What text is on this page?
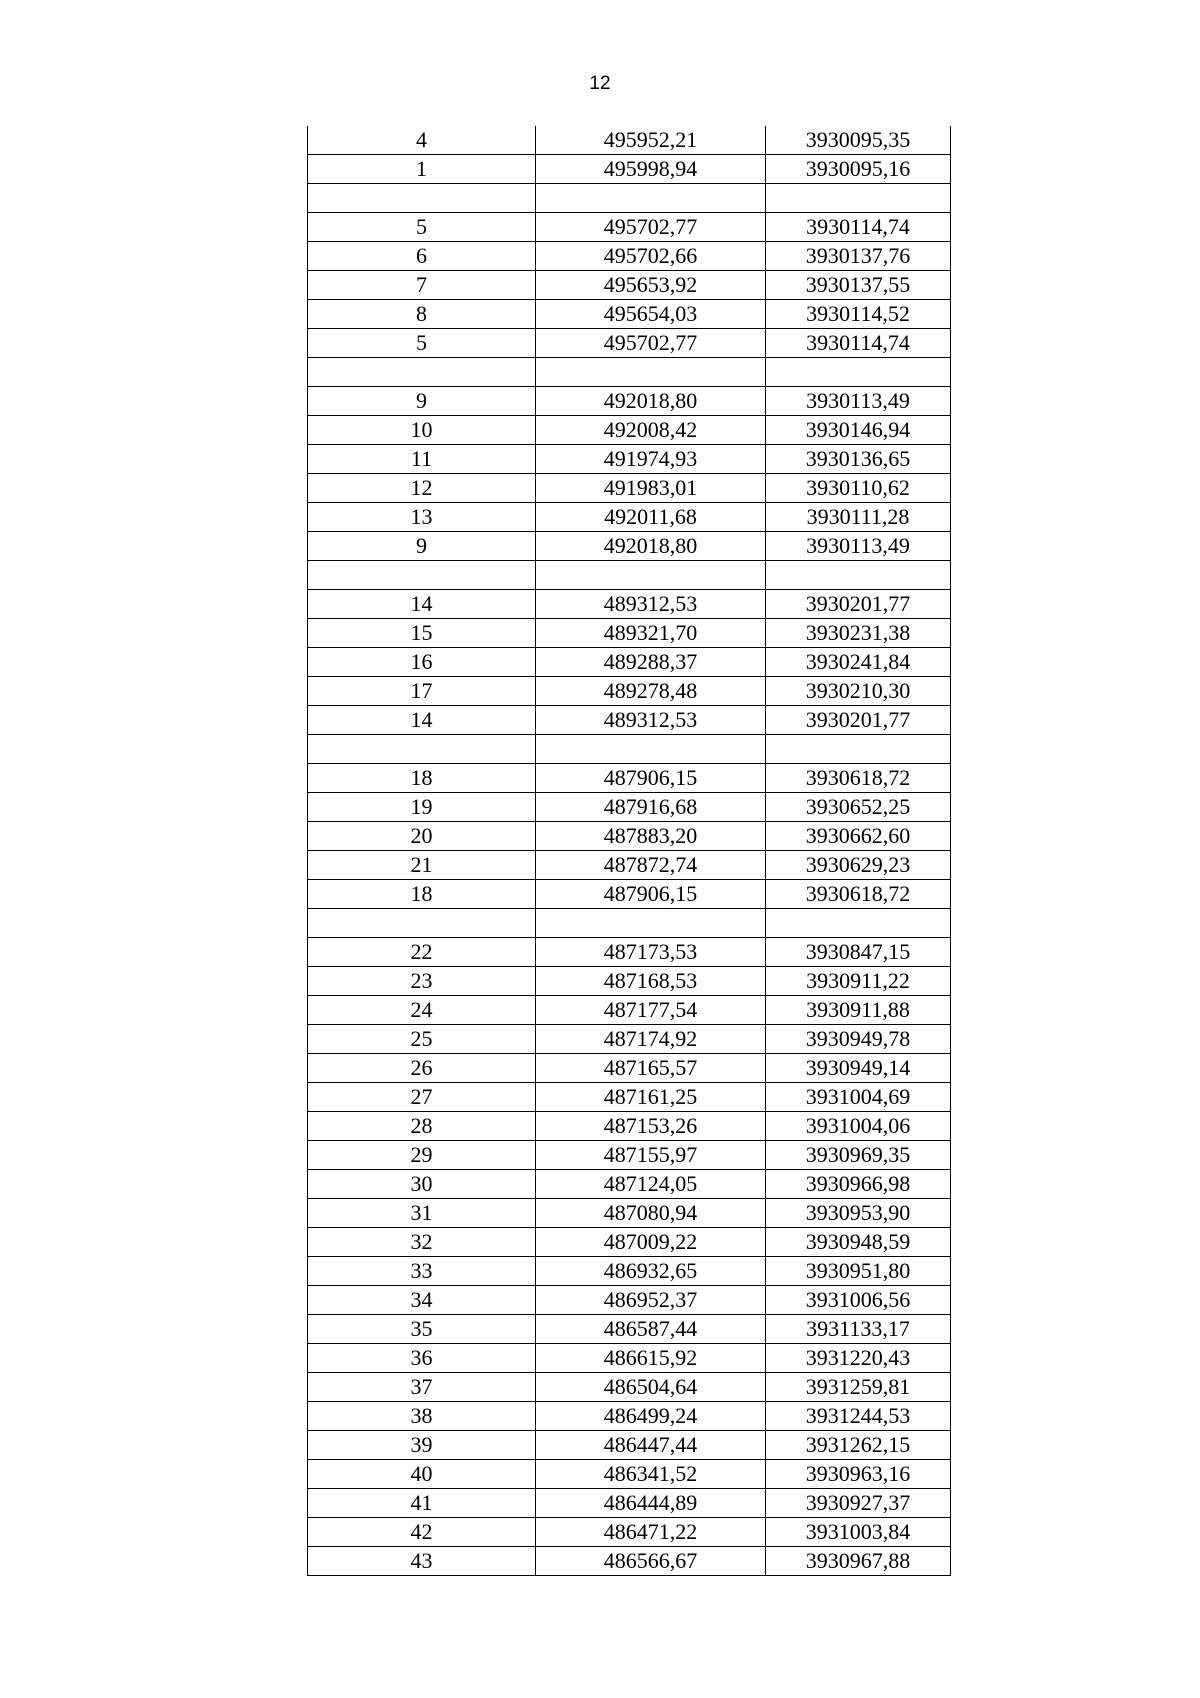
12
4	495952,21	3930095,35
1	495998,94	3930095,16

5	495702,77	3930114,74
6	495702,66	3930137,76
7	495653,92	3930137,55
8	495654,03	3930114,52
5	495702,77	3930114,74

9	492018,80	3930113,49
10	492008,42	3930146,94
11	491974,93	3930136,65
12	491983,01	3930110,62
13	492011,68	3930111,28
9	492018,80	3930113,49

14	489312,53	3930201,77
15	489321,70	3930231,38
16	489288,37	3930241,84
17	489278,48	3930210,30
14	489312,53	3930201,77

18	487906,15	3930618,72
19	487916,68	3930652,25
20	487883,20	3930662,60
21	487872,74	3930629,23
18	487906,15	3930618,72

22	487173,53	3930847,15
23	487168,53	3930911,22
24	487177,54	3930911,88
25	487174,92	3930949,78
26	487165,57	3930949,14
27	487161,25	3931004,69
28	487153,26	3931004,06
29	487155,97	3930969,35
30	487124,05	3930966,98
31	487080,94	3930953,90
32	487009,22	3930948,59
33	486932,65	3930951,80
34	486952,37	3931006,56
35	486587,44	3931133,17
36	486615,92	3931220,43
37	486504,64	3931259,81
38	486499,24	3931244,53
39	486447,44	3931262,15
40	486341,52	3930963,16
41	486444,89	3930927,37
42	486471,22	3931003,84
43	486566,67	3930967,88
